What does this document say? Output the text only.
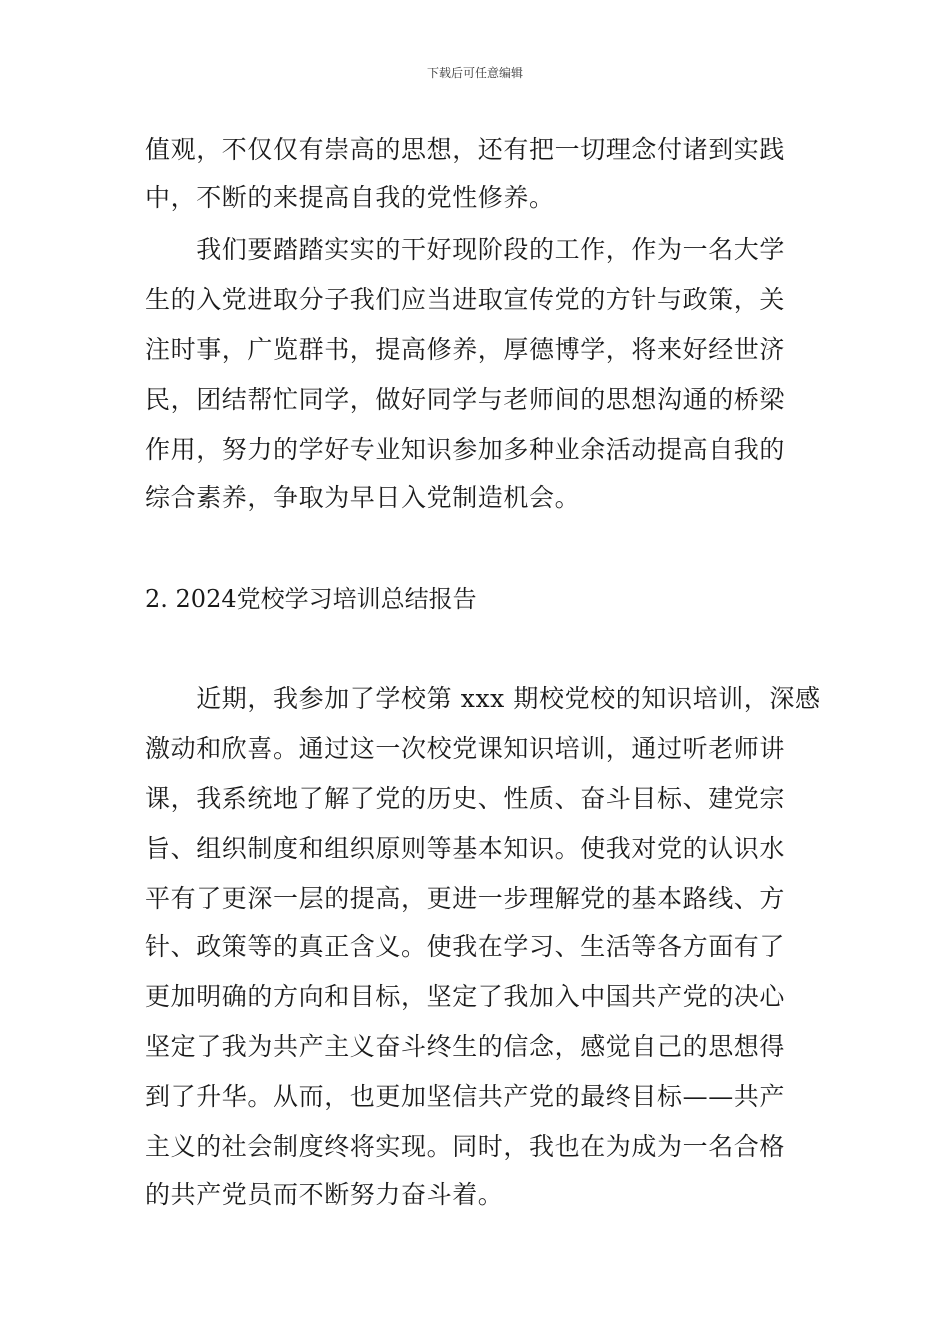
下载后可任意编辑
值观，不仅仅有崇高的思想，还有把一切理念付诸到实践
中，不断的来提高自我的党性修养。
　　我们要踏踏实实的干好现阶段的工作，作为一名大学
生的入党进取分子我们应当进取宣传党的方针与政策，关
注时事，广览群书，提高修养，厚德博学，将来好经世济
民，团结帮忙同学，做好同学与老师间的思想沟通的桥梁
作用，努力的学好专业知识参加多种业余活动提高自我的
综合素养，争取为早日入党制造机会。
2. 2024党校学习培训总结报告
　　近期，我参加了学校第 xxx 期校党校的知识培训，深感
激动和欣喜。通过这一次校党课知识培训，通过听老师讲
课，我系统地了解了党的历史、性质、奋斗目标、建党宗
旨、组织制度和组织原则等基本知识。使我对党的认识水
平有了更深一层的提高，更进一步理解党的基本路线、方
针、政策等的真正含义。使我在学习、生活等各方面有了
更加明确的方向和目标，坚定了我加入中国共产党的决心
坚定了我为共产主义奋斗终生的信念，感觉自己的思想得
到了升华。从而，也更加坚信共产党的最终目标——共产
主义的社会制度终将实现。同时，我也在为成为一名合格
的共产党员而不断努力奋斗着。
